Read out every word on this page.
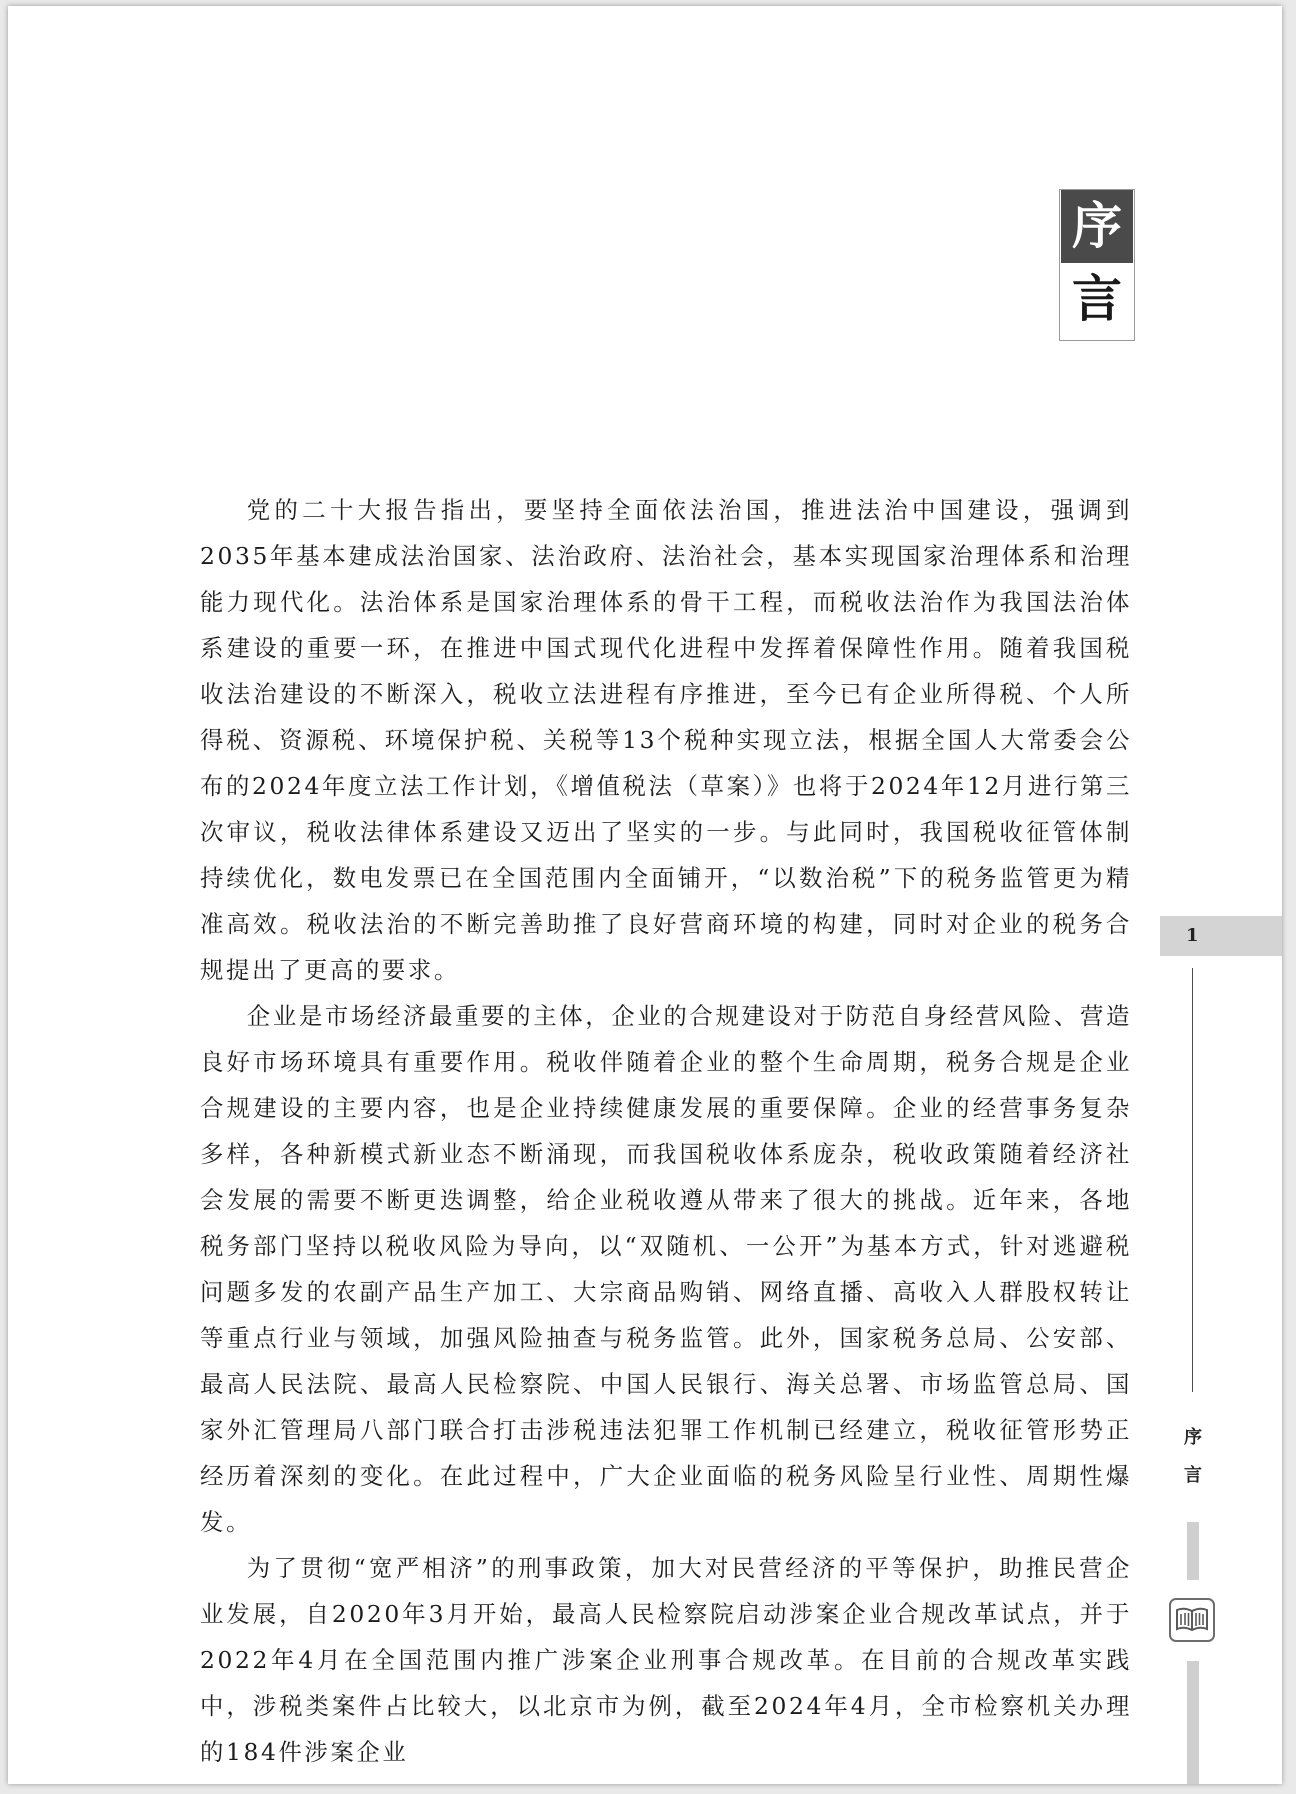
序
言

党的二十大报告指出，要坚持全面依法治国，推进法治中国建设，强调到2035年基本建成法治国家、法治政府、法治社会，基本实现国家治理体系和治理能力现代化。法治体系是国家治理体系的骨干工程，而税收法治作为我国法治体系建设的重要一环，在推进中国式现代化进程中发挥着保障性作用。随着我国税收法治建设的不断深入，税收立法进程有序推进，至今已有企业所得税、个人所得税、资源税、环境保护税、关税等13个税种实现立法，根据全国人大常委会公布的2024年度立法工作计划，《增值税法（草案）》也将于2024年12月进行第三次审议，税收法律体系建设又迈出了坚实的一步。与此同时，我国税收征管体制持续优化，数电发票已在全国范围内全面铺开，“以数治税”下的税务监管更为精准高效。税收法治的不断完善助推了良好营商环境的构建，同时对企业的税务合规提出了更高的要求。

企业是市场经济最重要的主体，企业的合规建设对于防范自身经营风险、营造良好市场环境具有重要作用。税收伴随着企业的整个生命周期，税务合规是企业合规建设的主要内容，也是企业持续健康发展的重要保障。企业的经营事务复杂多样，各种新模式新业态不断涌现，而我国税收体系庞杂，税收政策随着经济社会发展的需要不断更迭调整，给企业税收遵从带来了很大的挑战。近年来，各地税务部门坚持以税收风险为导向，以“双随机、一公开”为基本方式，针对逃避税问题多发的农副产品生产加工、大宗商品购销、网络直播、高收入人群股权转让等重点行业与领域，加强风险抽查与税务监管。此外，国家税务总局、公安部、最高人民法院、最高人民检察院、中国人民银行、海关总署、市场监管总局、国家外汇管理局八部门联合打击涉税违法犯罪工作机制已经建立，税收征管形势正经历着深刻的变化。在此过程中，广大企业面临的税务风险呈行业性、周期性爆发。

为了贯彻“宽严相济”的刑事政策，加大对民营经济的平等保护，助推民营企业发展，自2020年3月开始，最高人民检察院启动涉案企业合规改革试点，并于2022年4月在全国范围内推广涉案企业刑事合规改革。在目前的合规改革实践中，涉税类案件占比较大，以北京市为例，截至2024年4月，全市检察机关办理的184件涉案企业

1
序
言
